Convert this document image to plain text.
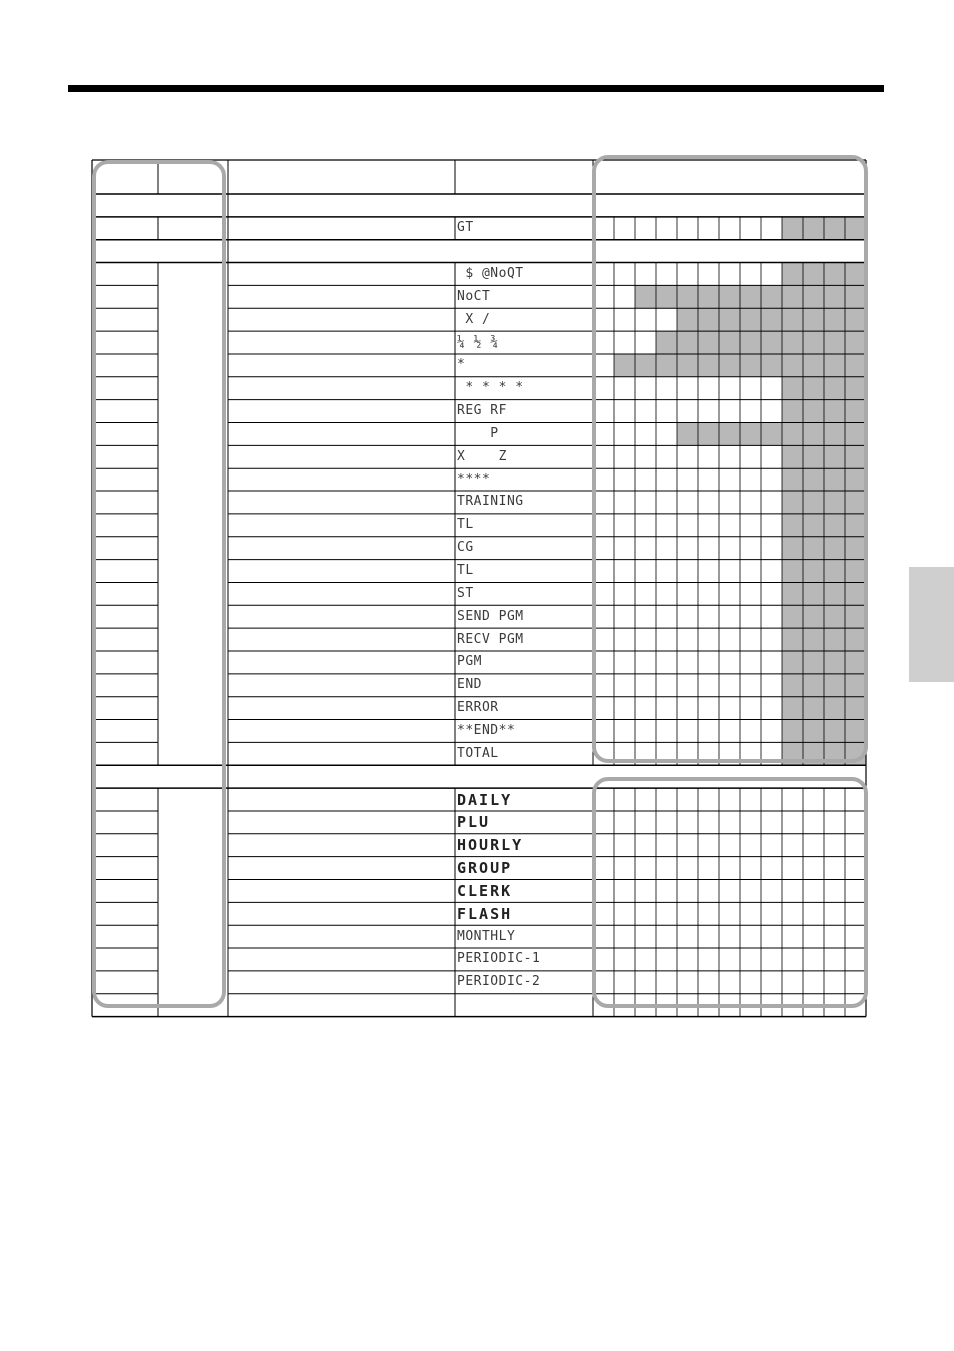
GT
$ @NoQT
NoCT
X /
¼ ½ ¾
*
* * * *
REG RF
P
X    Z
****
TRAINING
TL
CG
TL
ST
SEND PGM
RECV PGM
PGM
END
ERROR
**END**
TOTAL
DAILY
PLU
HOURLY
GROUP
CLERK
FLASH
MONTHLY
PERIODIC-1
PERIODIC-2
